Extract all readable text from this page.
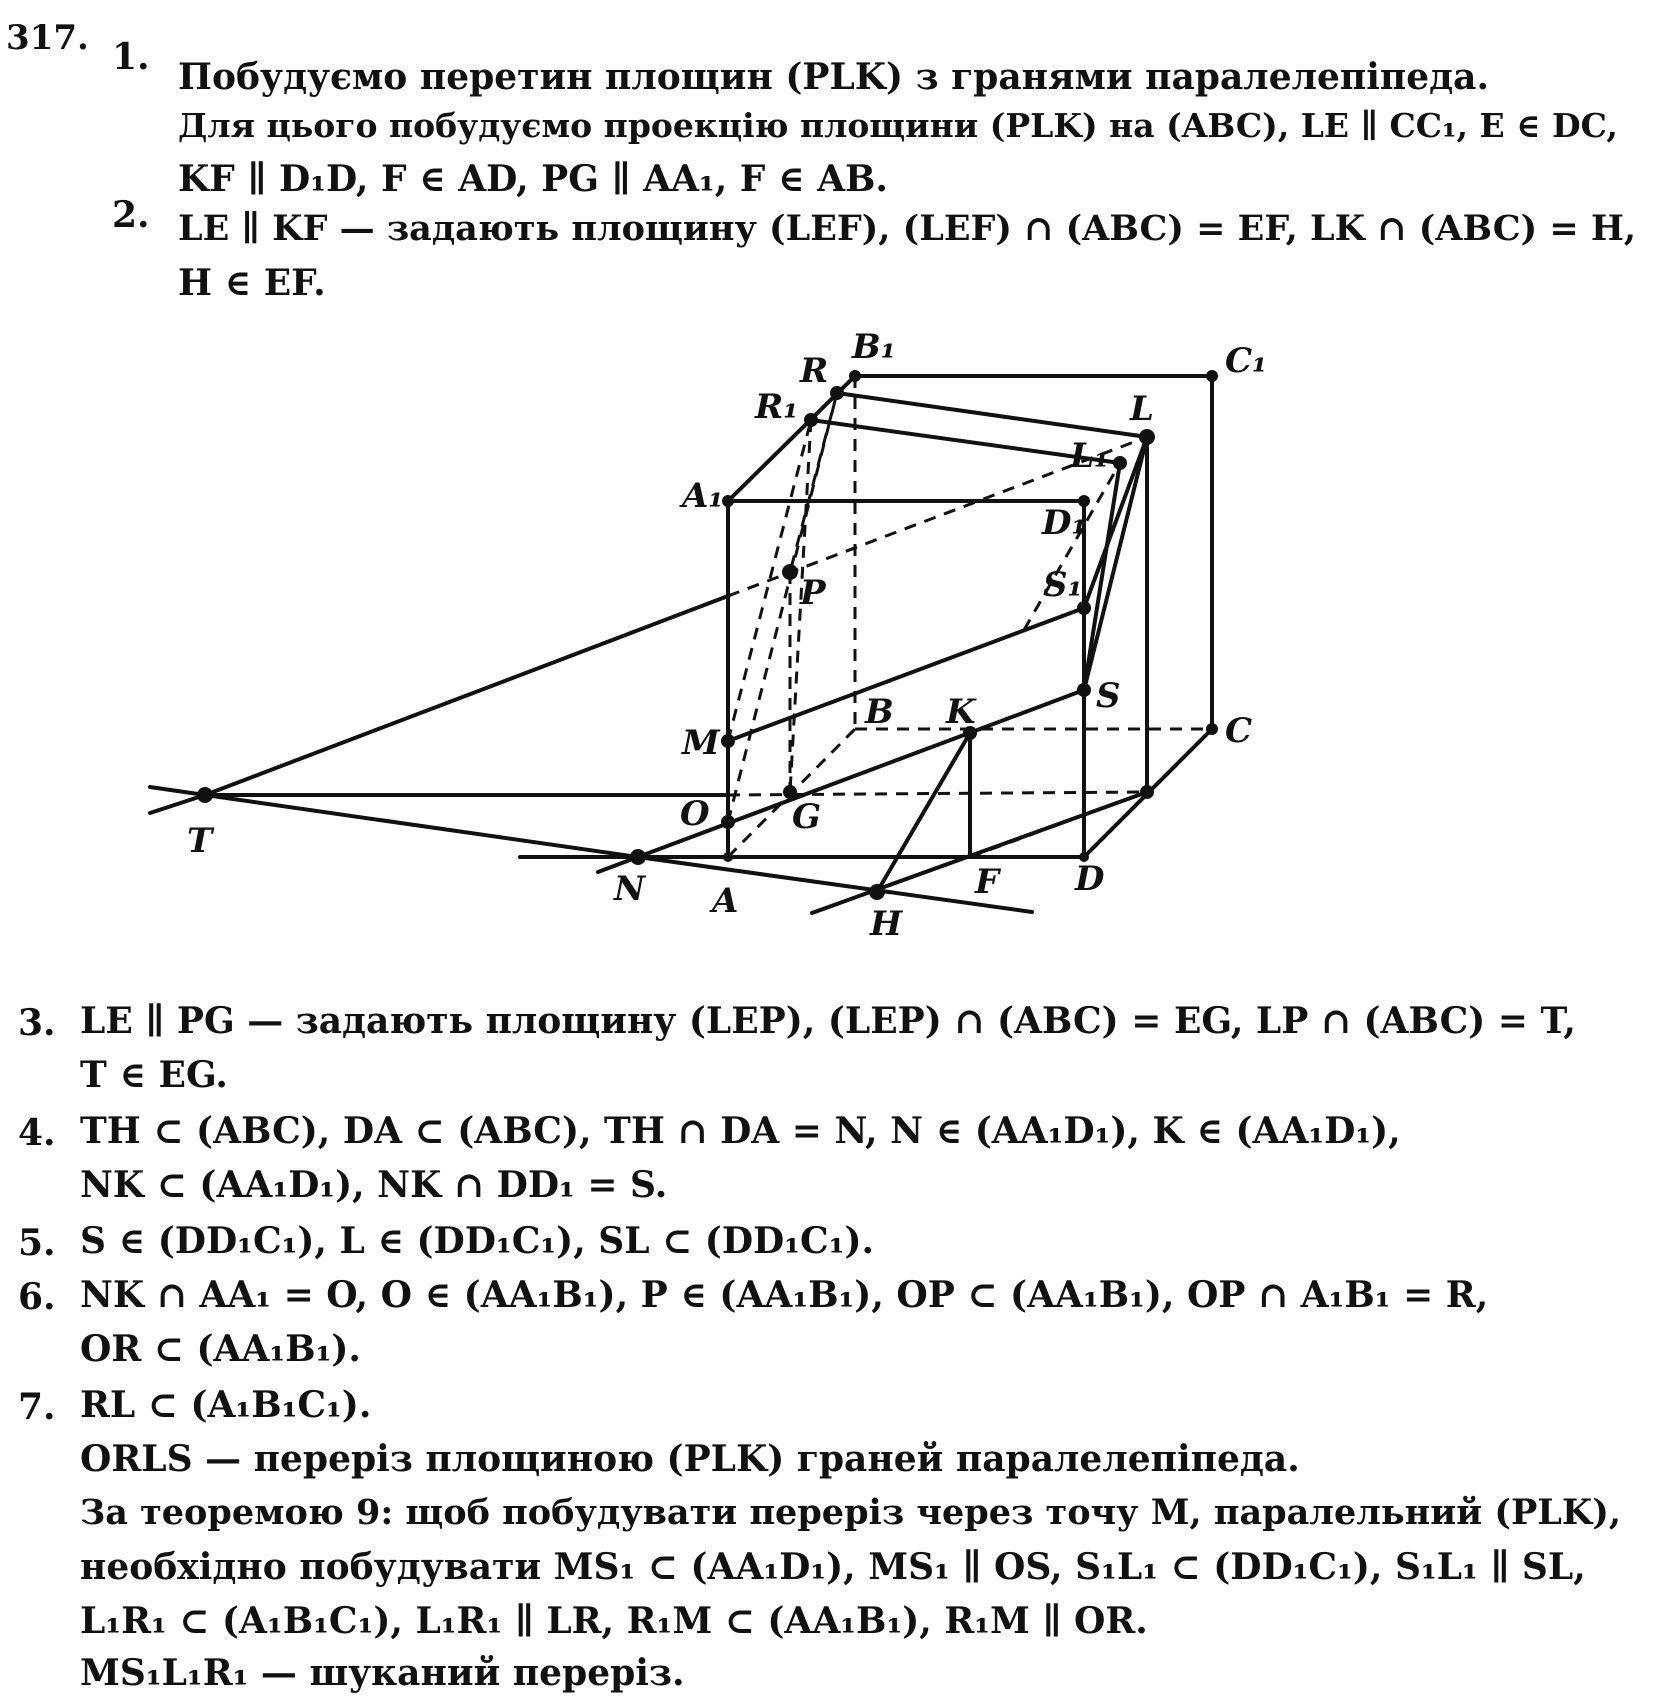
317. 1. Побудуємо перетин площин (PLK) з гранями паралелепіпеда.
Для цього побудуємо проекцію площини (PLK) на (ABC), LE ∥ CC₁, E ∈ DC,
KF ∥ D₁D, F ∈ AD, PG ∥ AA₁, F ∈ AB.
2. LE ∥ KF — задають площину (LEF), (LEF) ∩ (ABC) = EF, LK ∩ (ABC) = H,
H ∈ EF.
B₁	C₁
R
R₁	L
L₁
A₁
D₁
P	S₁
S
B K	C
M
O G
T
N A	F D
H
3. LE ∥ PG — задають площину (LEP), (LEP) ∩ (ABC) = EG, LP ∩ (ABC) = T,
T ∈ EG.
4. TH ⊂ (ABC), DA ⊂ (ABC), TH ∩ DA = N, N ∈ (AA₁D₁), K ∈ (AA₁D₁),
NK ⊂ (AA₁D₁), NK ∩ DD₁ = S.
5. S ∈ (DD₁C₁), L ∈ (DD₁C₁), SL ⊂ (DD₁C₁).
6. NK ∩ AA₁ = O, O ∈ (AA₁B₁), P ∈ (AA₁B₁), OP ⊂ (AA₁B₁), OP ∩ A₁B₁ = R,
OR ⊂ (AA₁B₁).
7. RL ⊂ (A₁B₁C₁).
ORLS — переріз площиною (PLK) граней паралелепіпеда.
За теоремою 9: щоб побудувати переріз через точу M, паралельний (PLK),
необхідно побудувати MS₁ ⊂ (AA₁D₁), MS₁ ∥ OS, S₁L₁ ⊂ (DD₁C₁), S₁L₁ ∥ SL,
L₁R₁ ⊂ (A₁B₁C₁), L₁R₁ ∥ LR, R₁M ⊂ (AA₁B₁), R₁M ∥ OR.
MS₁L₁R₁ — шуканий переріз.
